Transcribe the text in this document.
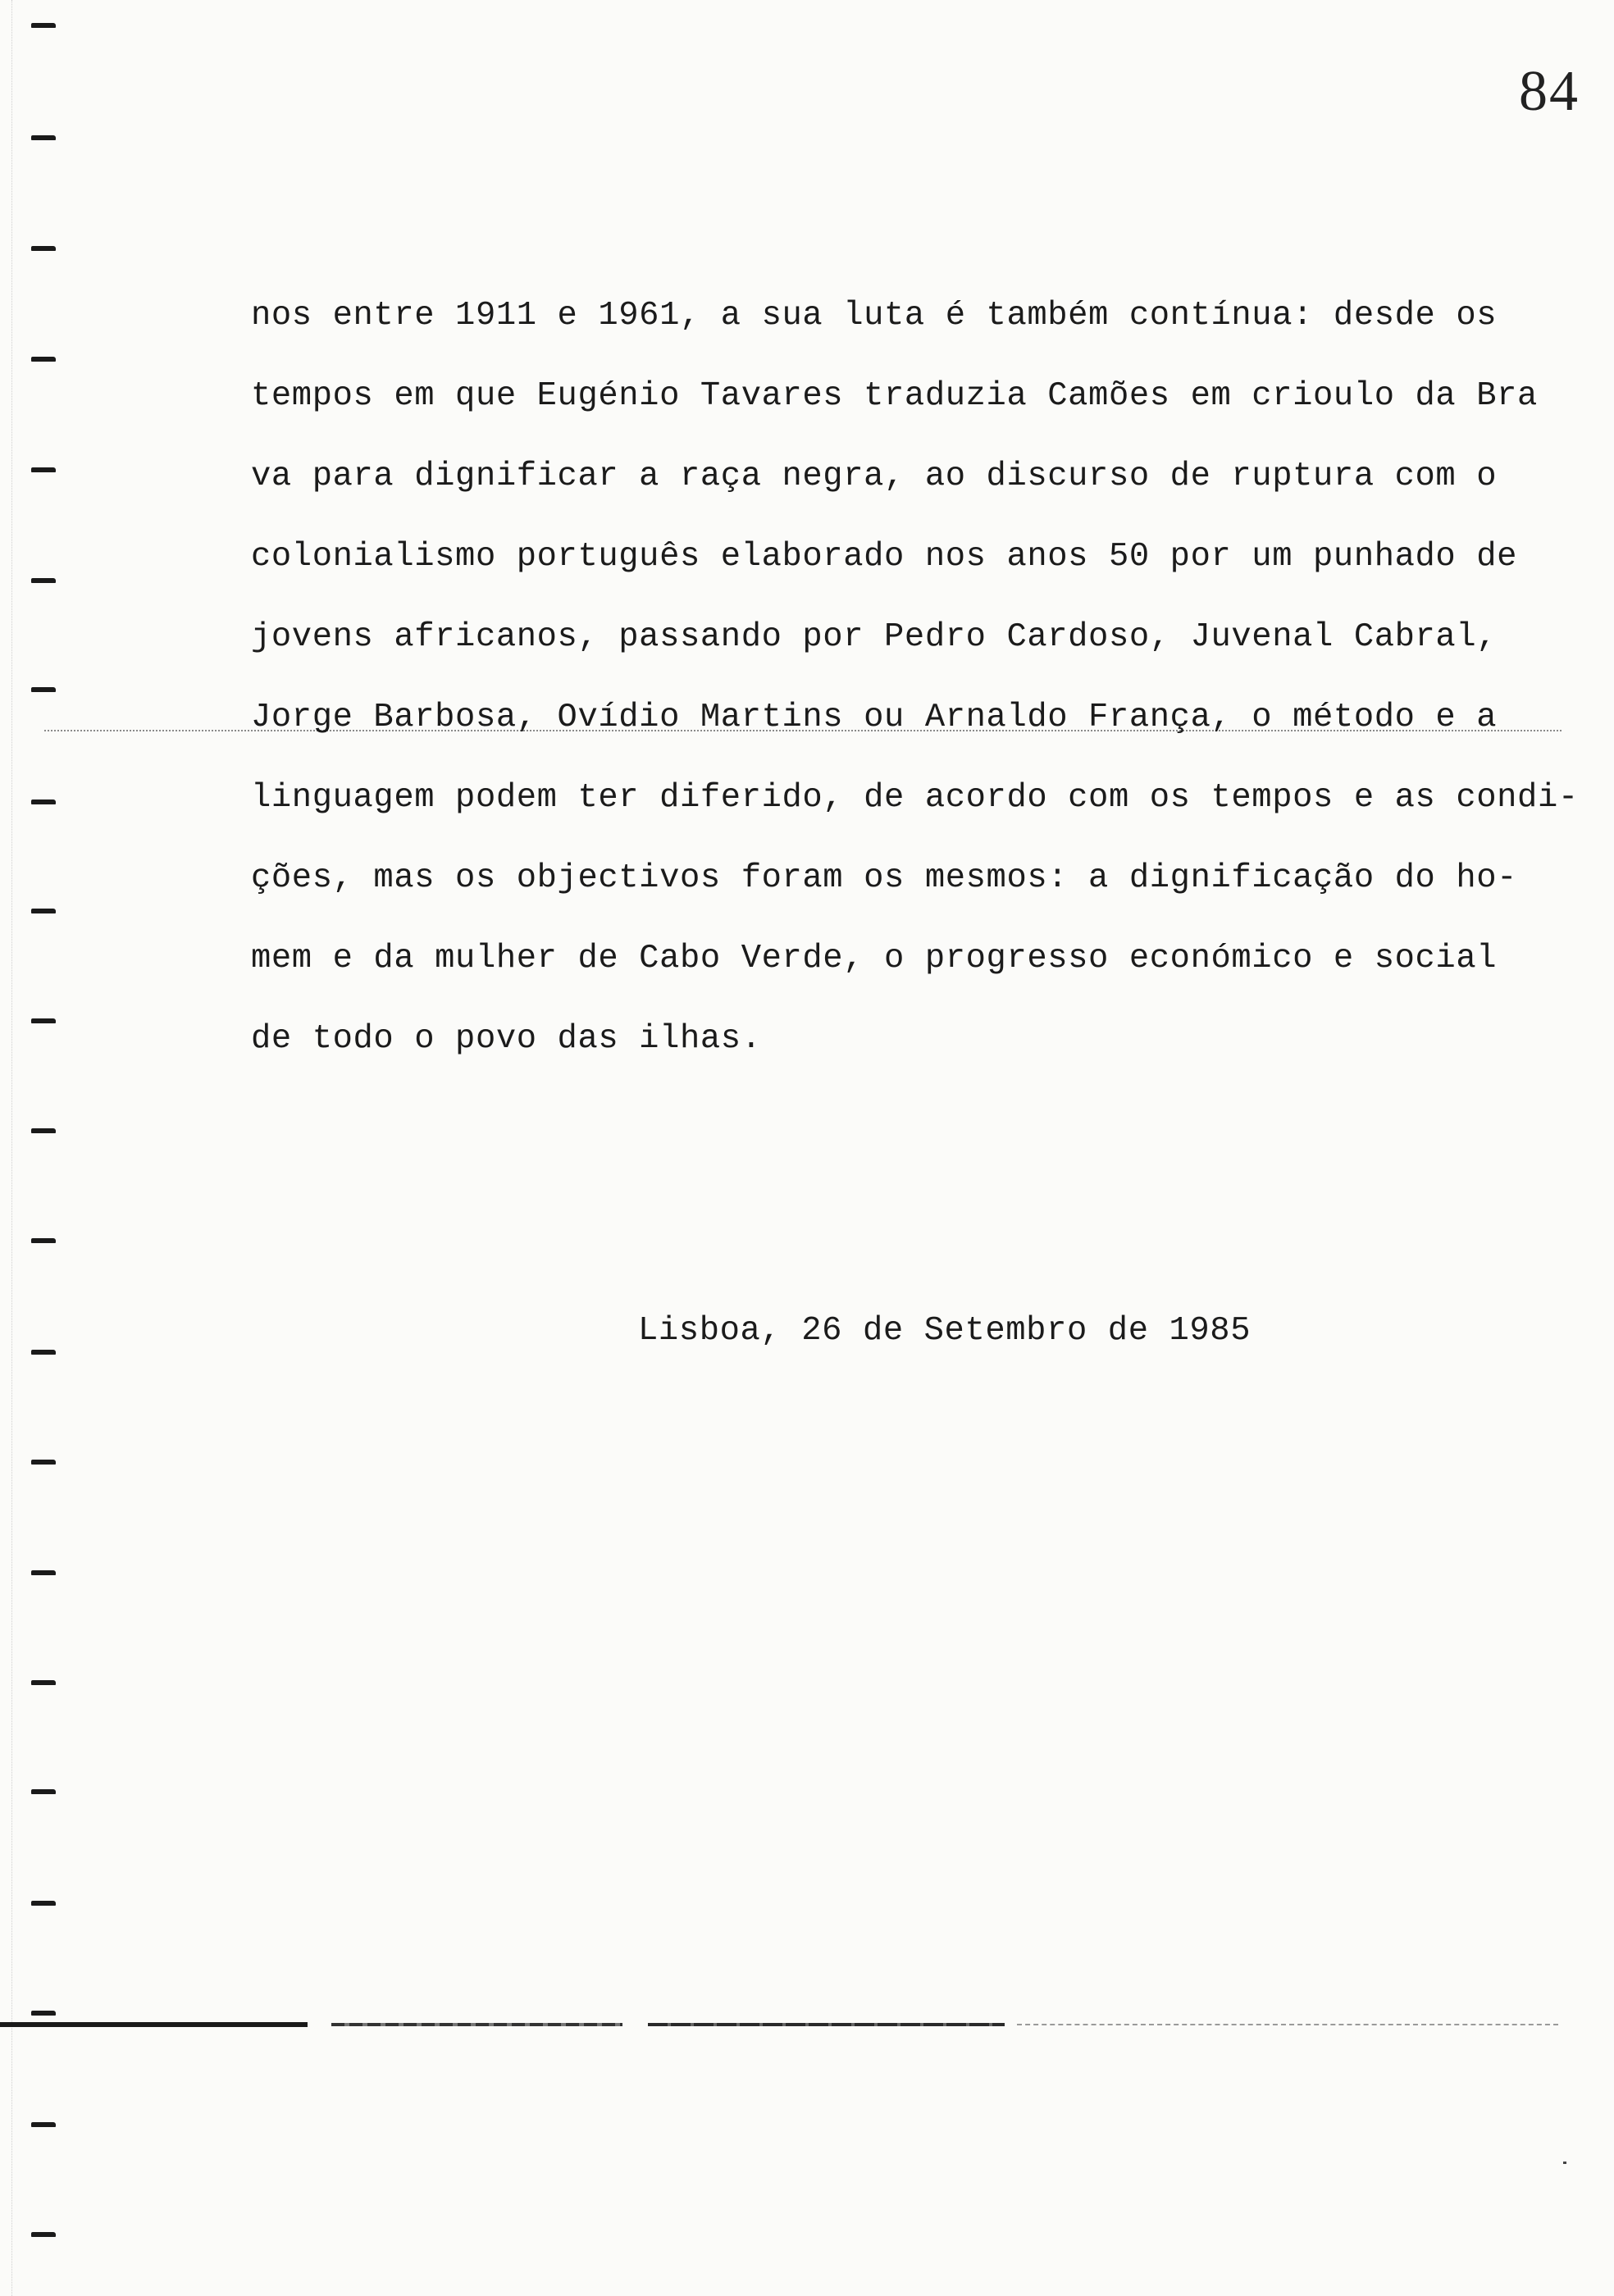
84
nos entre 1911 e 1961, a sua luta é também contínua: desde os
tempos em que Eugénio Tavares traduzia Camões em crioulo da Bra
va para dignificar a raça negra, ao discurso de ruptura com o
colonialismo português elaborado nos anos 50 por um punhado de
jovens africanos, passando por Pedro Cardoso, Juvenal Cabral,
Jorge Barbosa, Ovídio Martins ou Arnaldo França, o método e a
linguagem podem ter diferido, de acordo com os tempos e as condi-
ções, mas os objectivos foram os mesmos: a dignificação do ho-
mem e da mulher de Cabo Verde, o progresso económico e social
de todo o povo das ilhas.
Lisboa, 26 de Setembro de 1985
